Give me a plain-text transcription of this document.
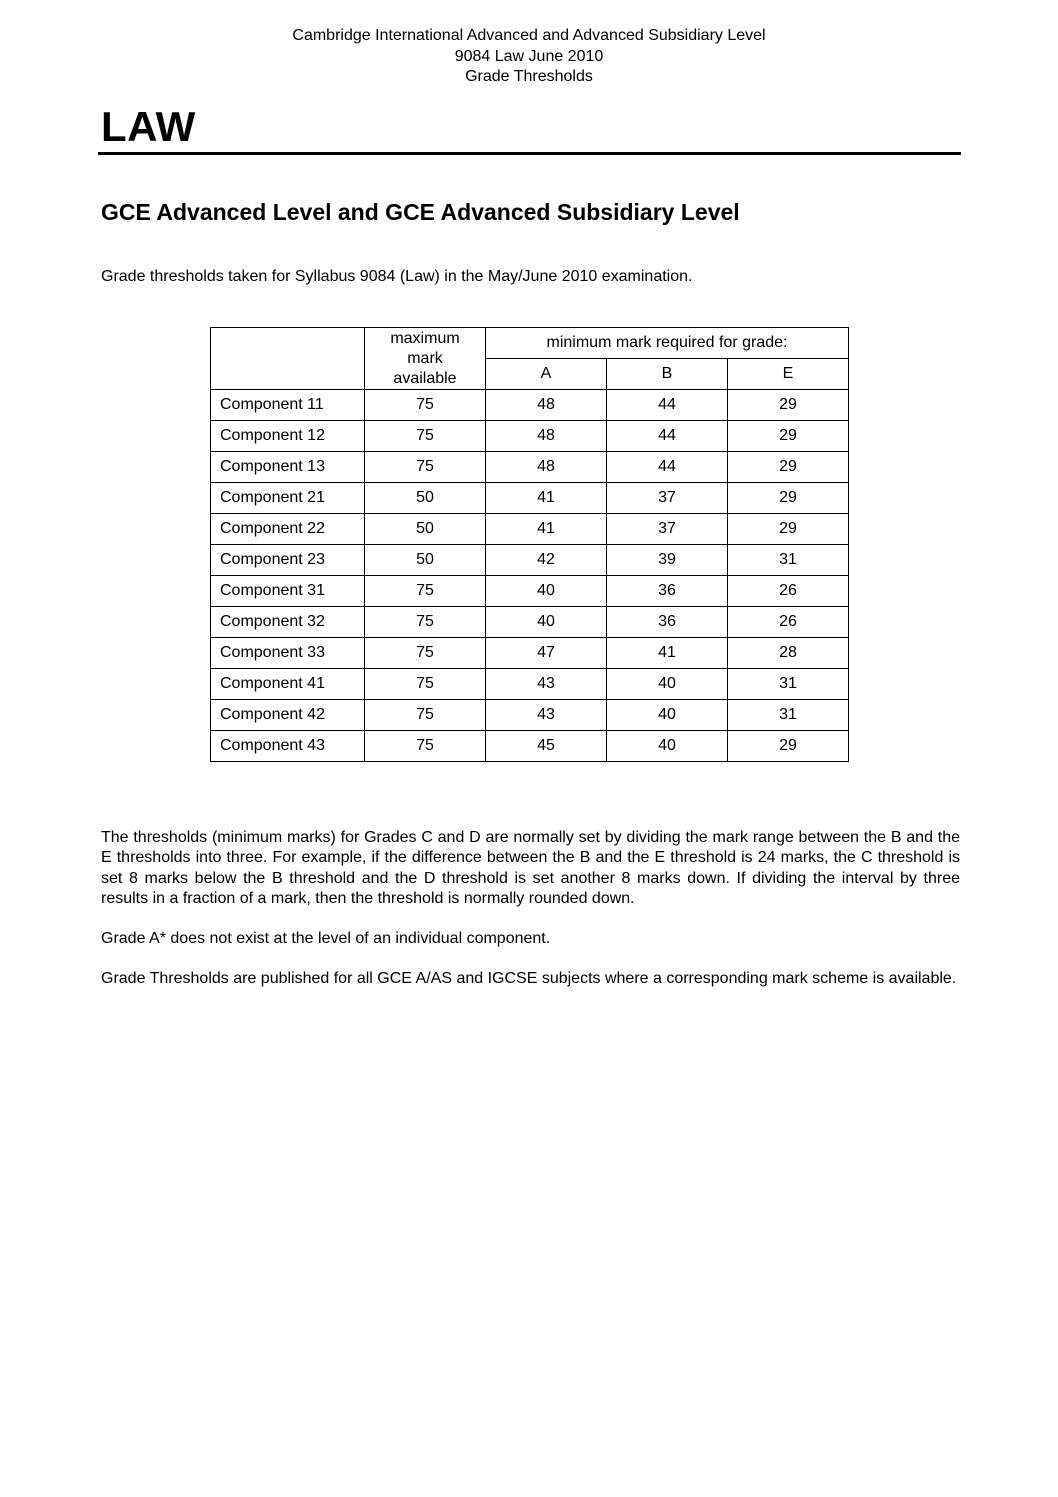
Cambridge International Advanced and Advanced Subsidiary Level
9084 Law June 2010
Grade Thresholds
LAW
GCE Advanced Level and GCE Advanced Subsidiary Level
Grade thresholds taken for Syllabus 9084 (Law) in the May/June 2010 examination.

	maximum
mark
available	minimum mark required for grade:		
		A	B	E
Component 11	75	48	44	29
Component 12	75	48	44	29
Component 13	75	48	44	29
Component 21	50	41	37	29
Component 22	50	41	37	29
Component 23	50	42	39	31
Component 31	75	40	36	26
Component 32	75	40	36	26
Component 33	75	47	41	28
Component 41	75	43	40	31
Component 42	75	43	40	31
Component 43	75	45	40	29

The thresholds (minimum marks) for Grades C and D are normally set by dividing the mark range between the B and the E thresholds into three. For example, if the difference between the B and the E threshold is 24 marks, the C threshold is set 8 marks below the B threshold and the D threshold is set another 8 marks down. If dividing the interval by three results in a fraction of a mark, then the threshold is normally rounded down.

Grade A* does not exist at the level of an individual component.

Grade Thresholds are published for all GCE A/AS and IGCSE subjects where a corresponding mark scheme is available.
